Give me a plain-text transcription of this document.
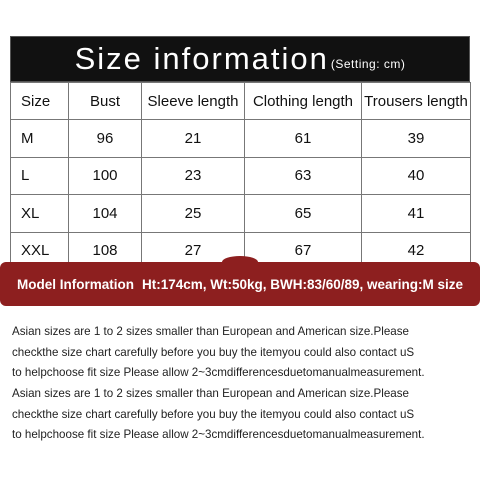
Size information (Setting: cm)
Size	Bust	Sleeve length	Clothing length	Trousers length
M	96	21	61	39
L	100	23	63	40
XL	104	25	65	41
XXL	108	27	67	42
Model Information Ht:174cm, Wt:50kg, BWH:83/60/89, wearing:M size
Asian sizes are 1 to 2 sizes smaller than European and American size.Please
checkthe size chart carefully before you buy the itemyou could also contact uS
to helpchoose fit size Please allow 2~3cmdifferencesduetomanualmeasurement.
Asian sizes are 1 to 2 sizes smaller than European and American size.Please
checkthe size chart carefully before you buy the itemyou could also contact uS
to helpchoose fit size Please allow 2~3cmdifferencesduetomanualmeasurement.
